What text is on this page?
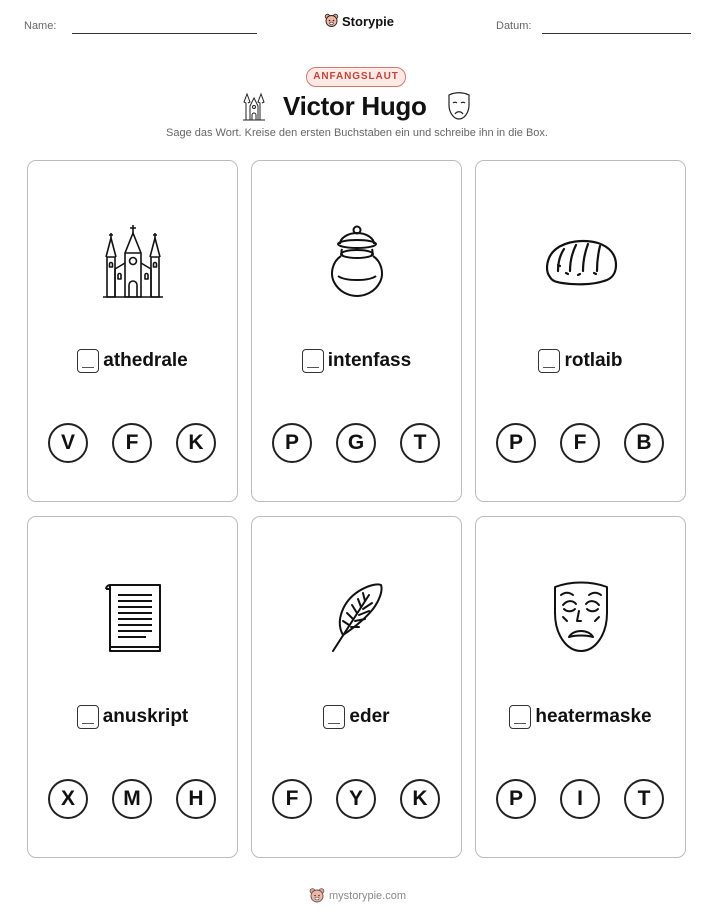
Name:	Storypie	Datum:
ANFANGSLAUT
Victor Hugo
Sage das Wort. Kreise den ersten Buchstaben ein und schreibe ihn in die Box.
athedrale
V	F	K
intenfass
P	G	T
rotlaib
P	F	B
anuskript
X	M	H
eder
F	Y	K
heatermaske
P	I	T
mystorypie.com
